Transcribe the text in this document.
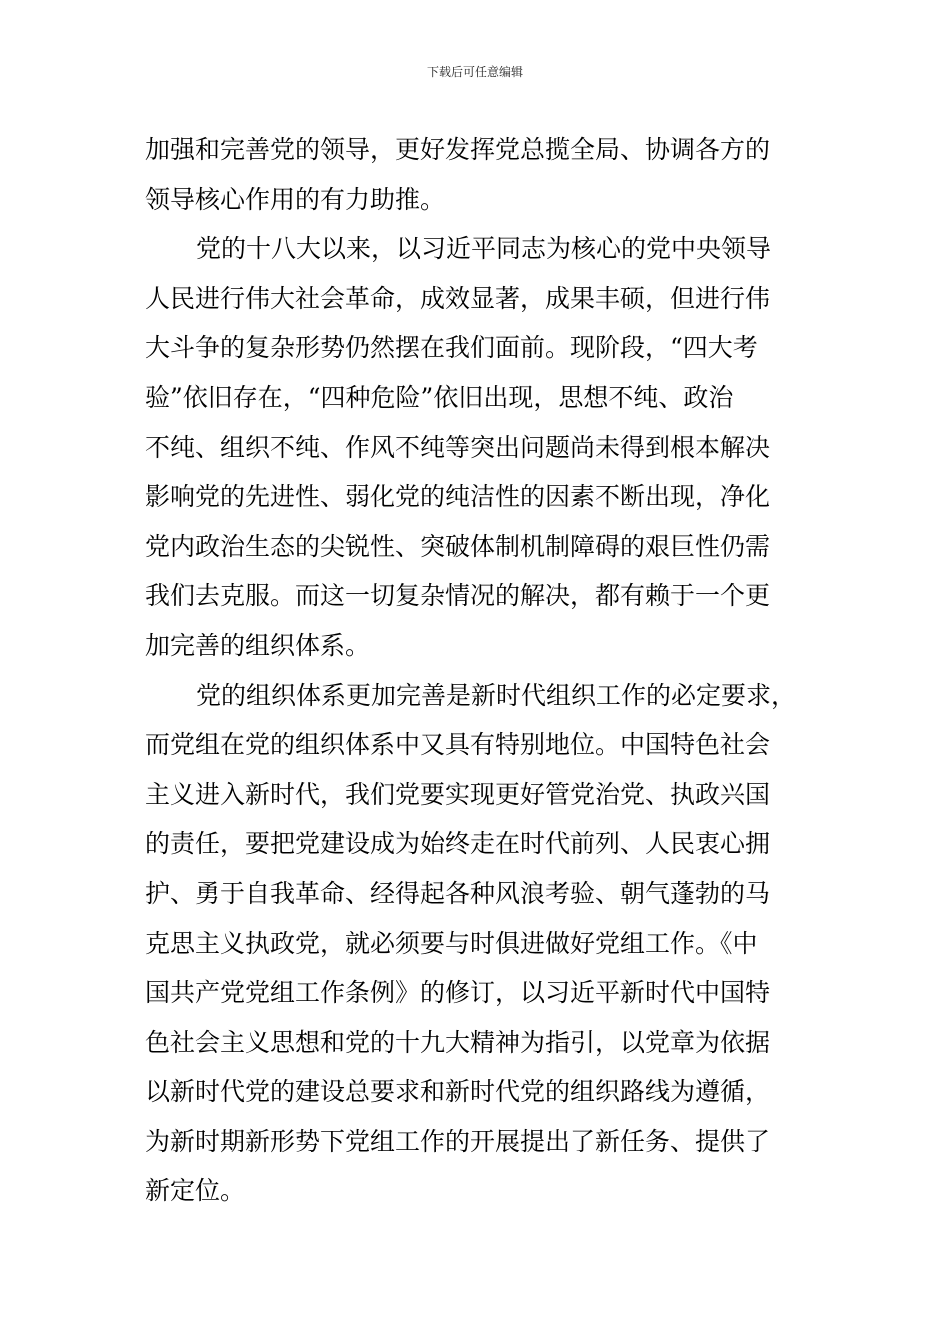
下载后可任意编辑

加强和完善党的领导，更好发挥党总揽全局、协调各方的
领导核心作用的有力助推。

党的十八大以来，以习近平同志为核心的党中央领导
人民进行伟大社会革命，成效显著，成果丰硕，但进行伟
大斗争的复杂形势仍然摆在我们面前。现阶段，“四大考
验”依旧存在，“四种危险”依旧出现，思想不纯、政治
不纯、组织不纯、作风不纯等突出问题尚未得到根本解决
影响党的先进性、弱化党的纯洁性的因素不断出现，净化
党内政治生态的尖锐性、突破体制机制障碍的艰巨性仍需
我们去克服。而这一切复杂情况的解决，都有赖于一个更
加完善的组织体系。

党的组织体系更加完善是新时代组织工作的必定要求，
而党组在党的组织体系中又具有特别地位。中国特色社会
主义进入新时代，我们党要实现更好管党治党、执政兴国
的责任，要把党建设成为始终走在时代前列、人民衷心拥
护、勇于自我革命、经得起各种风浪考验、朝气蓬勃的马
克思主义执政党，就必须要与时俱进做好党组工作。《中
国共产党党组工作条例》的修订，以习近平新时代中国特
色社会主义思想和党的十九大精神为指引，以党章为依据
以新时代党的建设总要求和新时代党的组织路线为遵循，
为新时期新形势下党组工作的开展提出了新任务、提供了
新定位。
